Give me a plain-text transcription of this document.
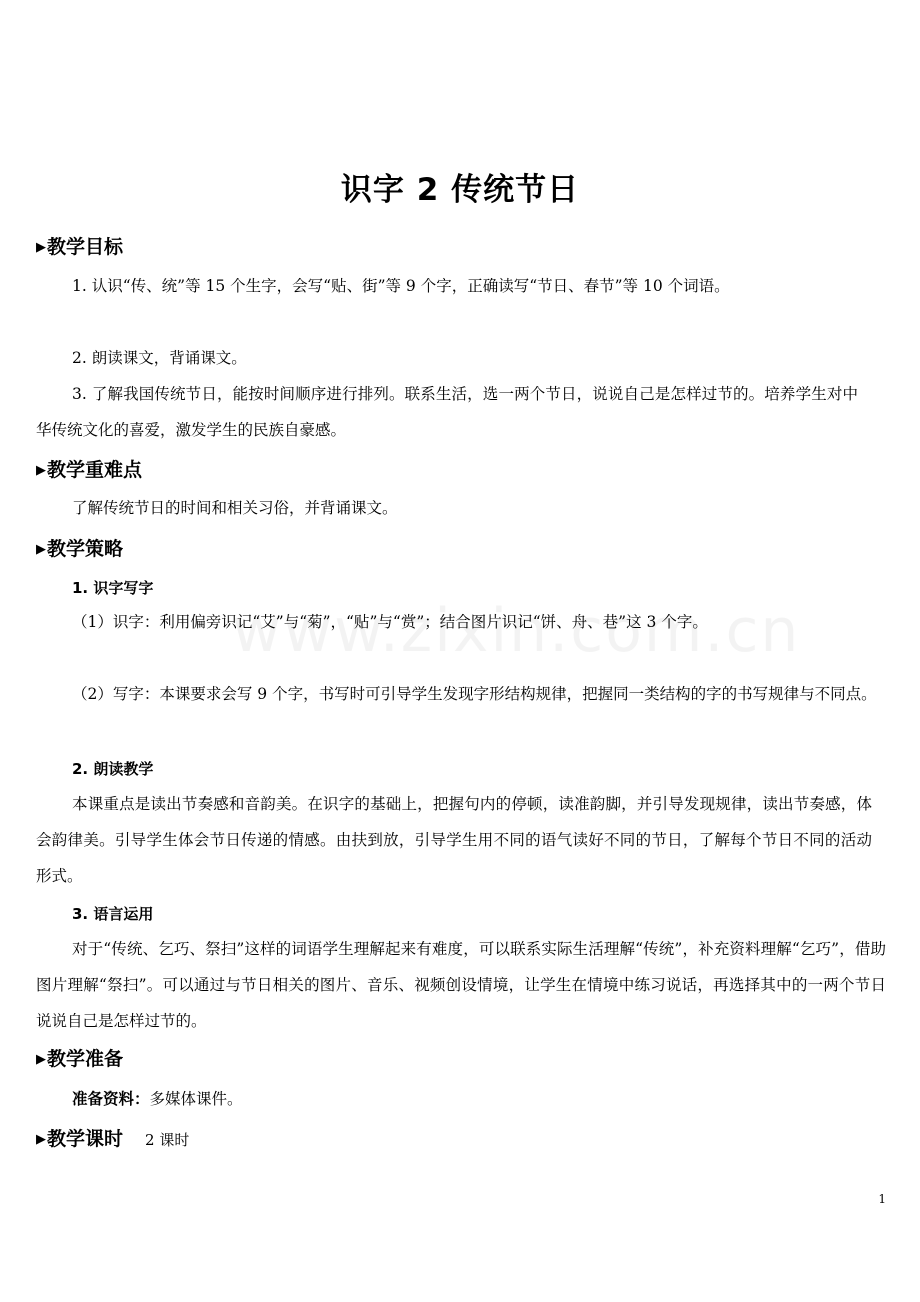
识字 2 传统节日
▶教学目标
1. 认识“传、统”等 15 个生字，会写“贴、街”等 9 个字，正确读写“节日、春节”等 10 个词语。
2. 朗读课文，背诵课文。
3. 了解我国传统节日，能按时间顺序进行排列。联系生活，选一两个节日，说说自己是怎样过节的。培养学生对中华传统文化的喜爱，激发学生的民族自豪感。
▶教学重难点
了解传统节日的时间和相关习俗，并背诵课文。
▶教学策略
1. 识字写字
（1）识字：利用偏旁识记“艾”与“菊”，“贴”与“赏”；结合图片识记“饼、舟、巷”这 3 个字。
（2）写字：本课要求会写 9 个字，书写时可引导学生发现字形结构规律，把握同一类结构的字的书写规律与不同点。
2. 朗读教学
本课重点是读出节奏感和音韵美。在识字的基础上，把握句内的停顿，读准韵脚，并引导发现规律，读出节奏感，体会韵律美。引导学生体会节日传递的情感。由扶到放，引导学生用不同的语气读好不同的节日，了解每个节日不同的活动形式。
3. 语言运用
对于“传统、乞巧、祭扫”这样的词语学生理解起来有难度，可以联系实际生活理解“传统”，补充资料理解“乞巧”，借助图片理解“祭扫”。可以通过与节日相关的图片、音乐、视频创设情境，让学生在情境中练习说话，再选择其中的一两个节日说说自己是怎样过节的。
▶教学准备
准备资料：多媒体课件。
▶教学课时 2 课时
1
